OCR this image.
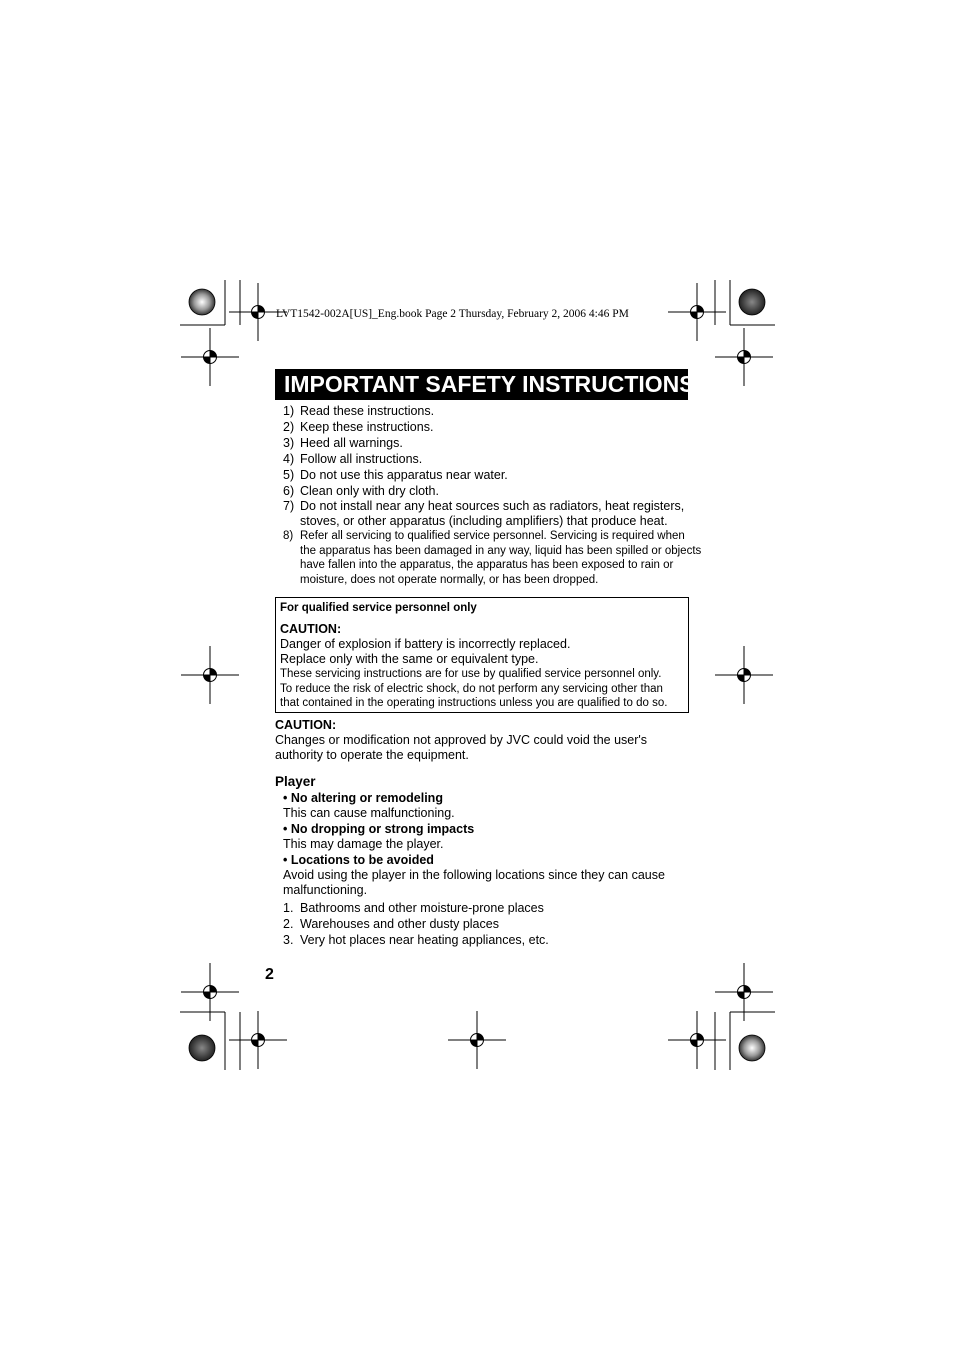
LVT1542-002A[US]_Eng.book Page 2 Thursday, February 2, 2006 4:46 PM
IMPORTANT SAFETY INSTRUCTIONS
1) Read these instructions.
2) Keep these instructions.
3) Heed all warnings.
4) Follow all instructions.
5) Do not use this apparatus near water.
6) Clean only with dry cloth.
7) Do not install near any heat sources such as radiators, heat registers, stoves, or other apparatus (including amplifiers) that produce heat.
8) Refer all servicing to qualified service personnel. Servicing is required when the apparatus has been damaged in any way, liquid has been spilled or objects have fallen into the apparatus, the apparatus has been exposed to rain or moisture, does not operate normally, or has been dropped.
For qualified service personnel only
CAUTION:
Danger of explosion if battery is incorrectly replaced.
Replace only with the same or equivalent type.
These servicing instructions are for use by qualified service personnel only.
To reduce the risk of electric shock, do not perform any servicing other than that contained in the operating instructions unless you are qualified to do so.
CAUTION:
Changes or modification not approved by JVC could void the user's authority to operate the equipment.
Player
• No altering or remodeling
This can cause malfunctioning.
• No dropping or strong impacts
This may damage the player.
• Locations to be avoided
Avoid using the player in the following locations since they can cause malfunctioning.
1. Bathrooms and other moisture-prone places
2. Warehouses and other dusty places
3. Very hot places near heating appliances, etc.
2
